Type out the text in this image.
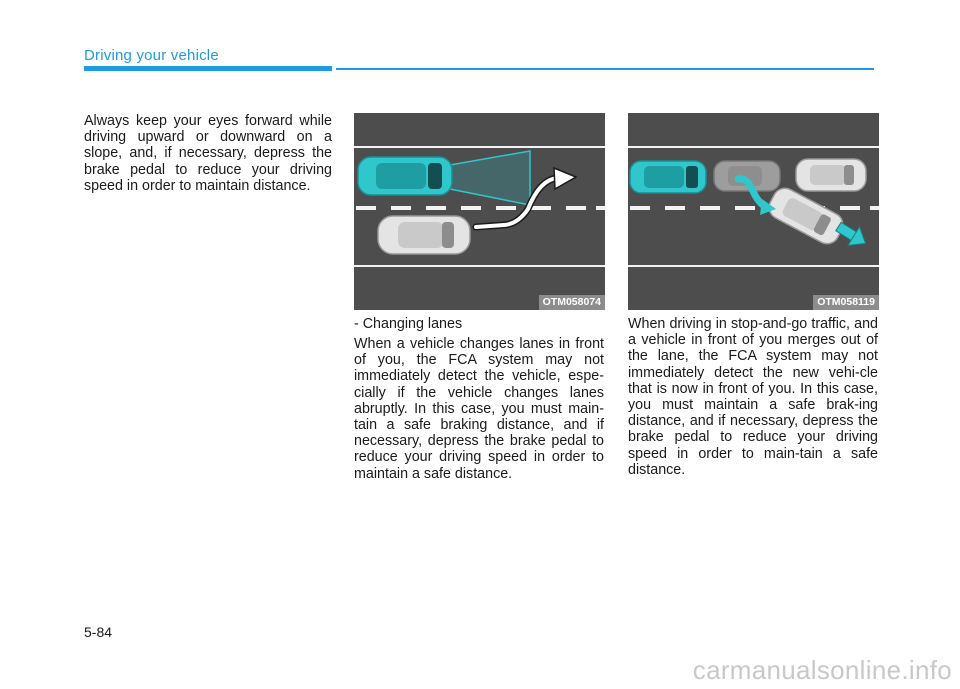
Driving your vehicle

Always keep your eyes forward while driving upward or downward on a slope, and, if necessary, depress the brake pedal to reduce your driving speed in order to maintain distance.

OTM058074	OTM058119

- Changing lanes

When a vehicle changes lanes in front of you, the FCA system may not immediately detect the vehicle, espe-cially if the vehicle changes lanes abruptly. In this case, you must main-tain a safe braking distance, and if necessary, depress the brake pedal to reduce your driving speed in order to maintain a safe distance.

When driving in stop-and-go traffic, and a vehicle in front of you merges out of the lane, the FCA system may not immediately detect the new vehi-cle that is now in front of you. In this case, you must maintain a safe brak-ing distance, and if necessary, depress the brake pedal to reduce your driving speed in order to main-tain a safe distance.

5-84
carmanualsonline.info
